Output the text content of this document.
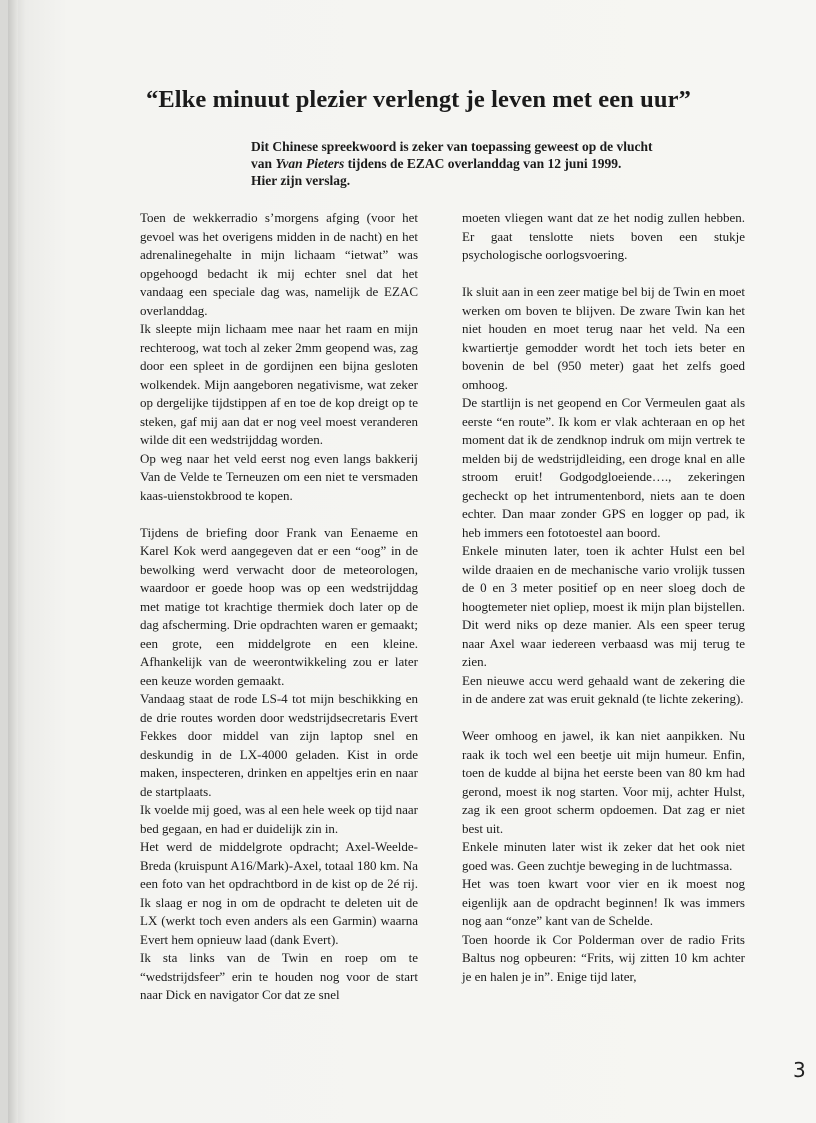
“Elke minuut plezier verlengt je leven met een uur”
Dit Chinese spreekwoord is zeker van toepassing geweest op de vlucht
van Yvan Pieters tijdens de EZAC overlanddag van 12 juni 1999.
Hier zijn verslag.

Toen de wekkerradio s’morgens afging (voor het gevoel was het overigens midden in de nacht) en het adrenalinegehalte in mijn lichaam “ietwat” was opgehoogd bedacht ik mij echter snel dat het vandaag een speciale dag was, namelijk de EZAC overlanddag.

Ik sleepte mijn lichaam mee naar het raam en mijn rechteroog, wat toch al zeker 2mm geopend was, zag door een spleet in de gordijnen een bijna gesloten wolkendek. Mijn aangeboren negativisme, wat zeker op dergelijke tijdstippen af en toe de kop dreigt op te steken, gaf mij aan dat er nog veel moest veranderen wilde dit een wedstrijddag worden.

Op weg naar het veld eerst nog even langs bakkerij Van de Velde te Terneuzen om een niet te versmaden kaas-uienstokbrood te kopen.

Tijdens de briefing door Frank van Eenaeme en Karel Kok werd aangegeven dat er een “oog” in de bewolking werd verwacht door de meteorologen, waardoor er goede hoop was op een wedstrijddag met matige tot krachtige thermiek doch later op de dag afscherming. Drie opdrachten waren er gemaakt; een grote, een middelgrote en een kleine. Afhankelijk van de weerontwikkeling zou er later een keuze worden gemaakt.

Vandaag staat de rode LS-4 tot mijn beschikking en de drie routes worden door wedstrijdsecretaris Evert Fekkes door middel van zijn laptop snel en deskundig in de LX-4000 geladen. Kist in orde maken, inspecteren, drinken en appeltjes erin en naar de startplaats.

Ik voelde mij goed, was al een hele week op tijd naar bed gegaan, en had er duidelijk zin in.

Het werd de middelgrote opdracht; Axel-Weelde-Breda (kruispunt A16/Mark)-Axel, totaal 180 km. Na een foto van het opdrachtbord in de kist op de 2é rij. Ik slaag er nog in om de opdracht te deleten uit de LX (werkt toch even anders als een Garmin) waarna Evert hem opnieuw laad (dank Evert).

Ik sta links van de Twin en roep om te “wedstrijdsfeer” erin te houden nog voor de start naar Dick en navigator Cor dat ze snel

moeten vliegen want dat ze het nodig zullen hebben. Er gaat tenslotte niets boven een stukje psychologische oorlogsvoering.

Ik sluit aan in een zeer matige bel bij de Twin en moet werken om boven te blijven. De zware Twin kan het niet houden en moet terug naar het veld. Na een kwartiertje gemodder wordt het toch iets beter en bovenin de bel (950 meter) gaat het zelfs goed omhoog.

De startlijn is net geopend en Cor Vermeulen gaat als eerste “en route”. Ik kom er vlak achteraan en op het moment dat ik de zendknop indruk om mijn vertrek te melden bij de wedstrijdleiding, een droge knal en alle stroom eruit! Godgodgloeiende…., zekeringen gecheckt op het intrumentenbord, niets aan te doen echter. Dan maar zonder GPS en logger op pad, ik heb immers een fototoestel aan boord.

Enkele minuten later, toen ik achter Hulst een bel wilde draaien en de mechanische vario vrolijk tussen de 0 en 3 meter positief op en neer sloeg doch de hoogtemeter niet opliep, moest ik mijn plan bijstellen. Dit werd niks op deze manier. Als een speer terug naar Axel waar iedereen verbaasd was mij terug te zien.

Een nieuwe accu werd gehaald want de zekering die in de andere zat was eruit geknald (te lichte zekering).

Weer omhoog en jawel, ik kan niet aanpikken. Nu raak ik toch wel een beetje uit mijn humeur. Enfin, toen de kudde al bijna het eerste been van 80 km had gerond, moest ik nog starten. Voor mij, achter Hulst, zag ik een groot scherm opdoemen. Dat zag er niet best uit.

Enkele minuten later wist ik zeker dat het ook niet goed was. Geen zuchtje beweging in de luchtmassa.

Het was toen kwart voor vier en ik moest nog eigenlijk aan de opdracht beginnen! Ik was immers nog aan “onze” kant van de Schelde.

Toen hoorde ik Cor Polderman over de radio Frits Baltus nog opbeuren: “Frits, wij zitten 10 km achter je en halen je in”. Enige tijd later,

3
